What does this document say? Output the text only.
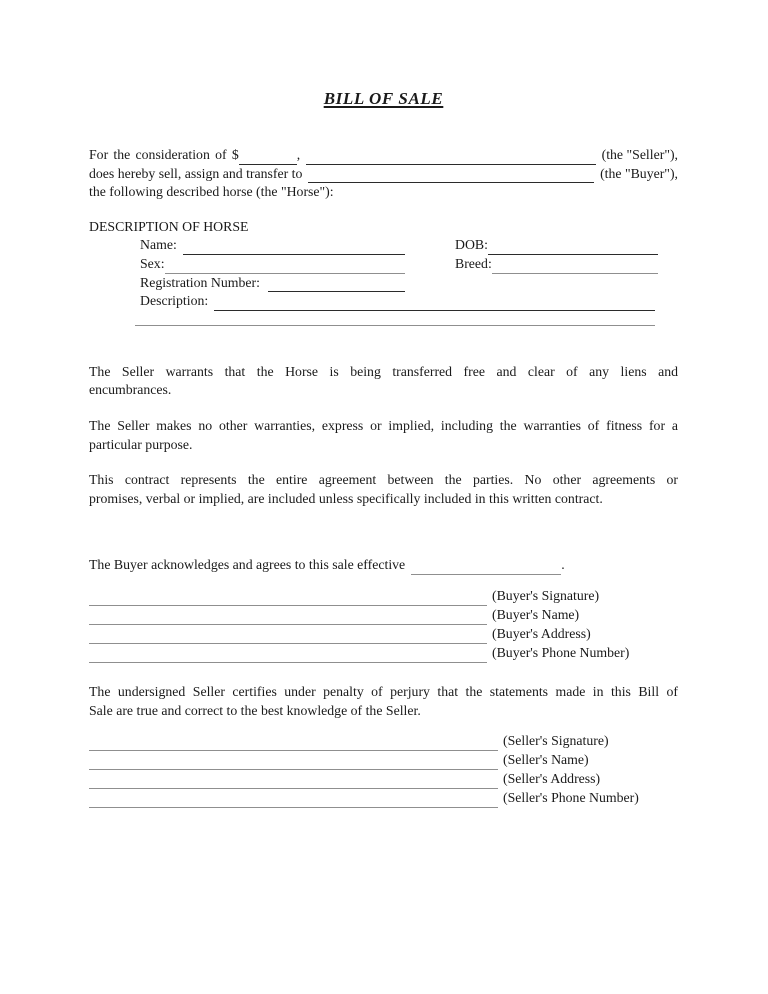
BILL OF SALE
For the consideration of $	,	(the "Seller"),
does hereby sell, assign and transfer to	(the "Buyer"),
the following described horse (the "Horse"):
DESCRIPTION OF HORSE
Name:	DOB:
Sex:	Breed:
Registration Number:
Description:
The Seller warrants that the Horse is being transferred free and clear of any liens and
encumbrances.
The Seller makes no other warranties, express or implied, including the warranties of fitness for a
particular purpose.
This contract represents the entire agreement between the parties. No other agreements or
promises, verbal or implied, are included unless specifically included in this written contract.
The Buyer acknowledges and agrees to this sale effective	.
(Buyer's Signature)
(Buyer's Name)
(Buyer's Address)
(Buyer's Phone Number)
The undersigned Seller certifies under penalty of perjury that the statements made in this Bill of
Sale are true and correct to the best knowledge of the Seller.
(Seller's Signature)
(Seller's Name)
(Seller's Address)
(Seller's Phone Number)
